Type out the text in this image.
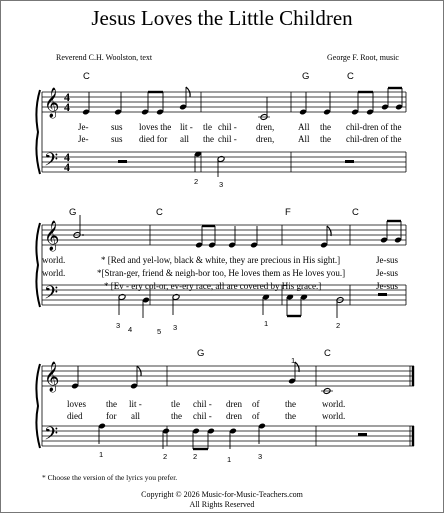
Jesus Loves the Little Children
Reverend C.H. Woolston, text	George F. Root, music
𝄞
𝄢
4
4
4
4
𝄞
𝄢
𝄞
𝄢
C	G	C
G	C	F	C
G	C
Je-	sus loves the lit - tle chil - dren,	All the chil-dren of the
Je-	sus died for all the chil - dren,	All the chil-dren of the
world.	* [Red and yel-low, black & white, they are precious in His sight.]	Je-sus
world.	*[Stran-ger, friend & neigh-bor too, He loves them as He loves you.]	Je-sus
* [Ev - ery col-or, ev-ery race, all are covered by His grace.]	Je-sus
loves the lit -	tle chil - dren of	the	world.
died	for all	the chil - dren of	the	world.
2	3
3 4	5 3	1	2
1	2	2	1	3
1
* Choose the version of the lyrics you prefer.
Copyright © 2026 Music-for-Music-Teachers.com
All Rights Reserved
